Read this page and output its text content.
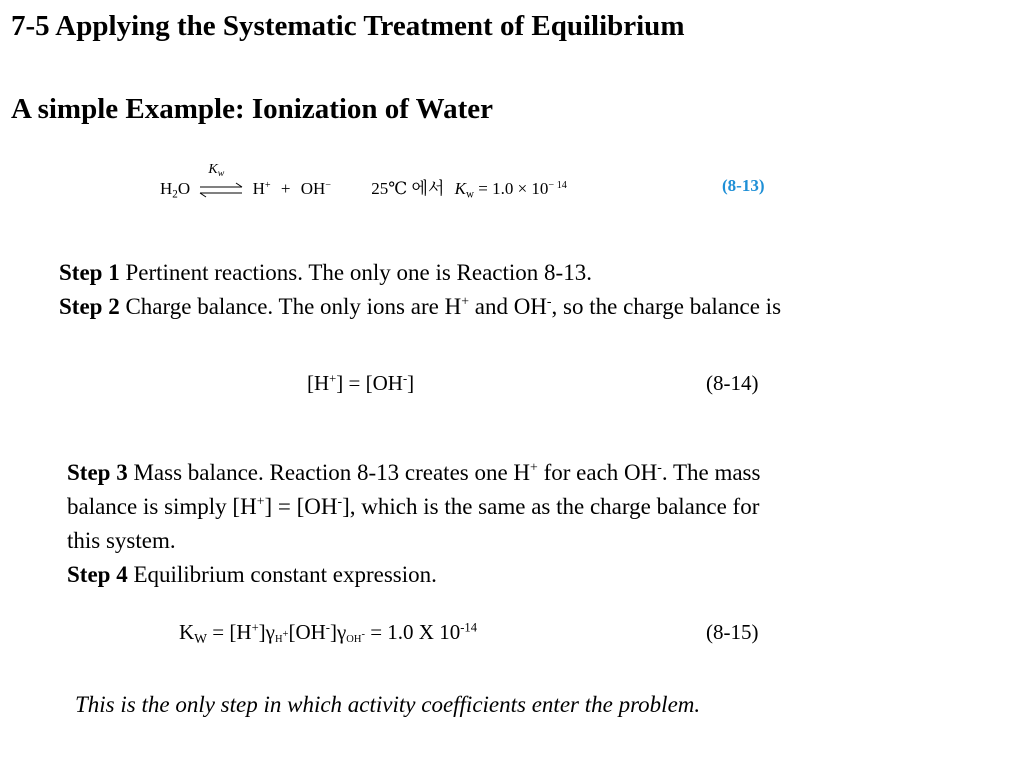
7-5 Applying the Systematic Treatment of Equilibrium
A simple Example: Ionization of Water
$H_2O$
$K_w$
H+ + OH− 25℃ 에서 $K_w = 1.0 \times 10^{- 14}$	(8-13)
Step 1 Pertinent reactions. The only one is Reaction 8-13.
Step 2 Charge balance. The only ions are H+ and OH-, so the charge balance is
[H+] = [OH-]	(8-14)
Step 3 Mass balance. Reaction 8-13 creates one H+ for each OH-. The mass
balance is simply [H+] = [OH-], which is the same as the charge balance for
this system.
Step 4 Equilibrium constant expression.
$K_W = [H^+]\gamma_{H+}[OH^-]\gamma_{OH-} = 1.0$ X $10^{-14}$	(8-15)
This is the only step in which activity coefficients enter the problem.
